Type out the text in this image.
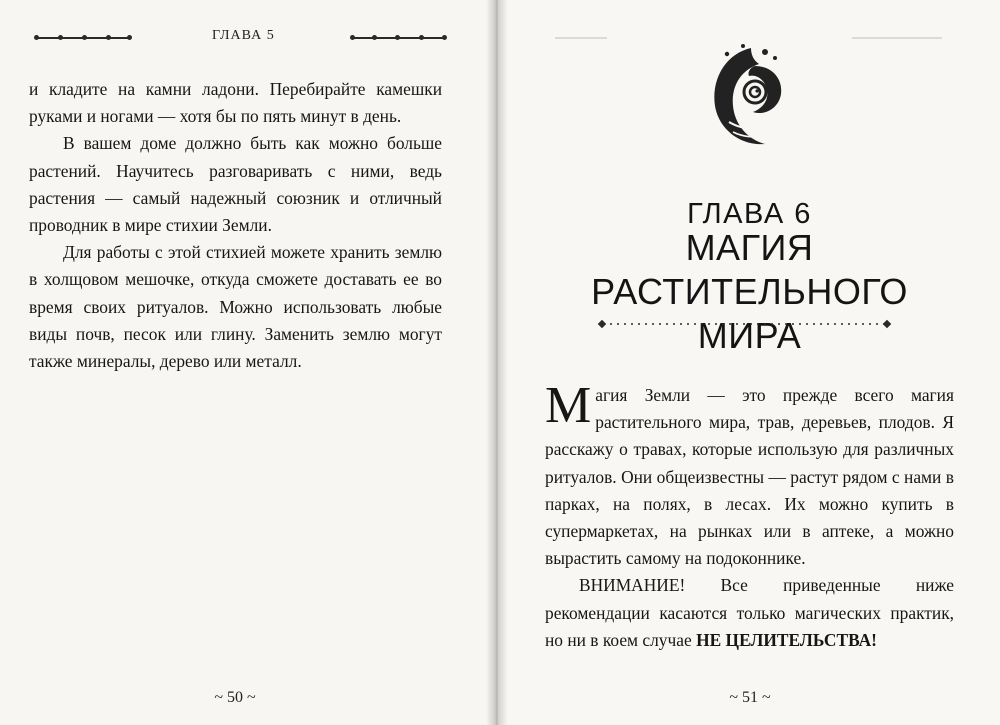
ГЛАВА 5

и кладите на камни ладони. Перебирайте камешки руками и ногами — хотя бы по пять минут в день.

В вашем доме должно быть как можно больше растений. Научитесь разговаривать с ними, ведь растения — самый надежный союзник и отличный проводник в мире стихии Земли.

Для работы с этой стихией можете хранить землю в холщовом мешочке, откуда сможете доставать ее во время своих ритуалов. Можно использовать любые виды почв, песок или глину. Заменить землю могут также минералы, дерево или металл.

~ 50 ~
ГЛАВА 6
МАГИЯ
РАСТИТЕЛЬНОГО МИРА

Магия Земли — это прежде всего магия растительного мира, трав, деревьев, плодов. Я расскажу о травах, которые использую для различных ритуалов. Они общеизвестны — растут рядом с нами в парках, на полях, в лесах. Их можно купить в супермаркетах, на рынках или в аптеке, а можно вырастить самому на подоконнике.

ВНИМАНИЕ! Все приведенные ниже рекомендации касаются только магических практик, но ни в коем случае НЕ ЦЕЛИТЕЛЬСТВА!

~ 51 ~
